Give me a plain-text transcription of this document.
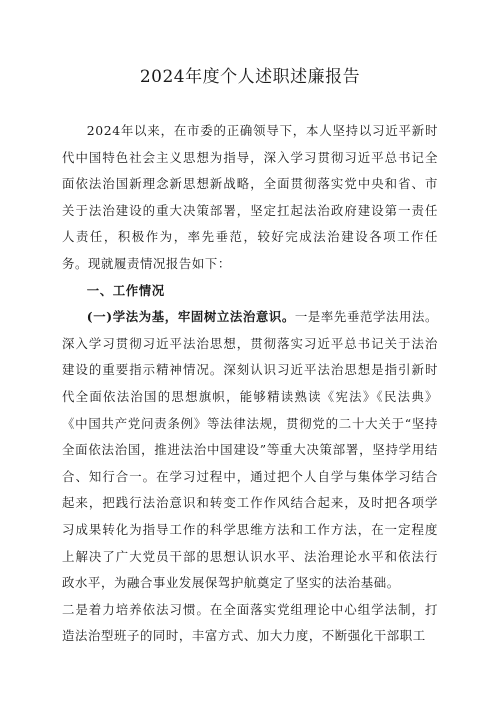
2024年度个人述职述廉报告

2024年以来，在市委的正确领导下，本人坚持以习近平新时代中国特色社会主义思想为指导，深入学习贯彻习近平总书记全面依法治国新理念新思想新战略，全面贯彻落实党中央和省、市关于法治建设的重大决策部署，坚定扛起法治政府建设第一责任人责任，积极作为，率先垂范，较好完成法治建设各项工作任务。现就履责情况报告如下：

一、工作情况

(一)学法为基，牢固树立法治意识。一是率先垂范学法用法。深入学习贯彻习近平法治思想，贯彻落实习近平总书记关于法治建设的重要指示精神情况。深刻认识习近平法治思想是指引新时代全面依法治国的思想旗帜，能够精读熟读《宪法》《民法典》《中国共产党问责条例》等法律法规，贯彻党的二十大关于“坚持全面依法治国，推进法治中国建设”等重大决策部署，坚持学用结合、知行合一。在学习过程中，通过把个人自学与集体学习结合起来，把践行法治意识和转变工作作风结合起来，及时把各项学习成果转化为指导工作的科学思维方法和工作方法，在一定程度上解决了广大党员干部的思想认识水平、法治理论水平和依法行政水平，为融合事业发展保驾护航奠定了坚实的法治基础。

二是着力培养依法习惯。在全面落实党组理论中心组学法制，打造法治型班子的同时，丰富方式、加大力度，不断强化干部职工
